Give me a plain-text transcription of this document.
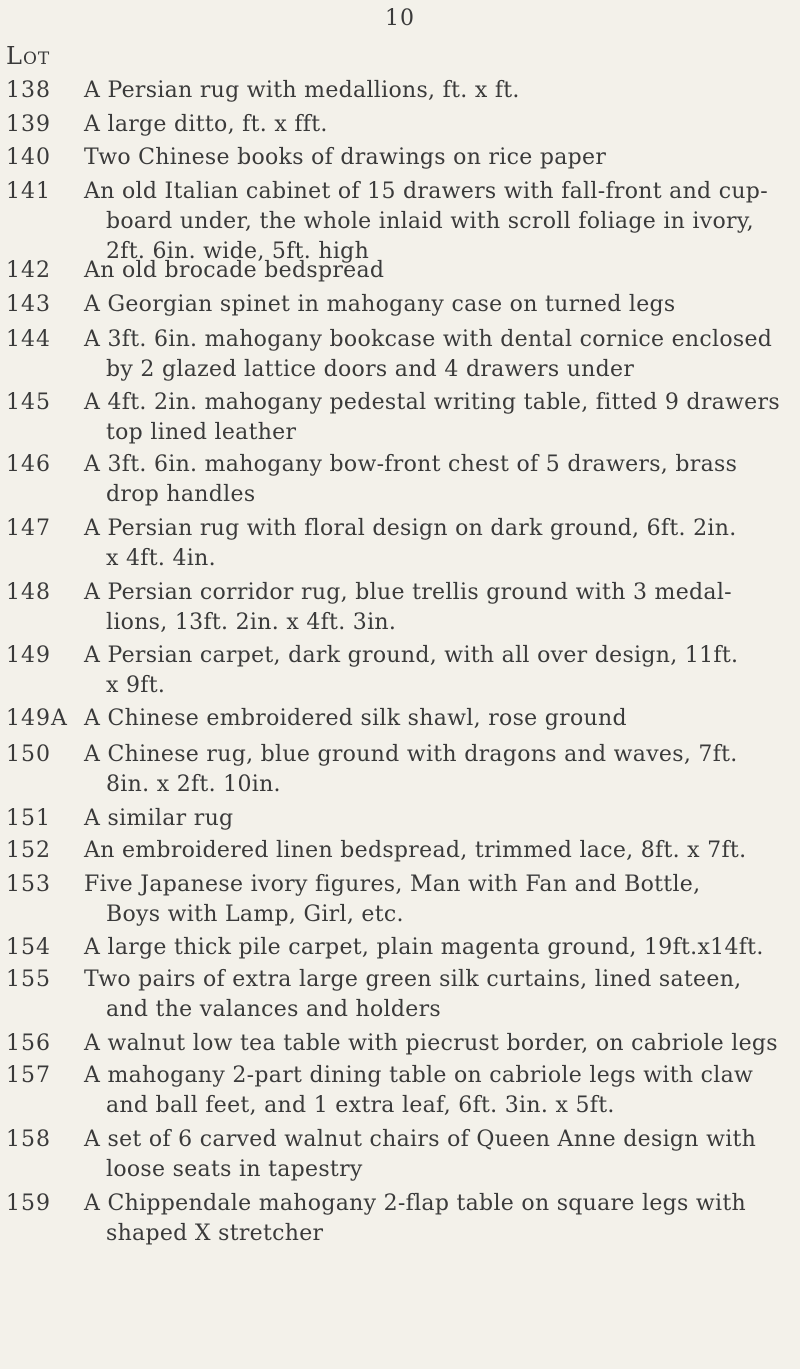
10
Lot
138	A Persian rug with medallions, ft. x ft.
139	A large ditto, ft. x fft.
140	Two Chinese books of drawings on rice paper
141	An old Italian cabinet of 15 drawers with fall-front and cup-
board under, the whole inlaid with scroll foliage in ivory,
2ft. 6in. wide, 5ft. high
142	An old brocade bedspread
143	A Georgian spinet in mahogany case on turned legs
144	A 3ft. 6in. mahogany bookcase with dental cornice enclosed
by 2 glazed lattice doors and 4 drawers under
145	A 4ft. 2in. mahogany pedestal writing table, fitted 9 drawers
top lined leather
146	A 3ft. 6in. mahogany bow-front chest of 5 drawers, brass
drop handles
147	A Persian rug with floral design on dark ground, 6ft. 2in.
x 4ft. 4in.
148	A Persian corridor rug, blue trellis ground with 3 medal-
lions, 13ft. 2in. x 4ft. 3in.
149	A Persian carpet, dark ground, with all over design, 11ft.
x 9ft.
149A A Chinese embroidered silk shawl, rose ground
150	A Chinese rug, blue ground with dragons and waves, 7ft.
8in. x 2ft. 10in.
151	A similar rug
152	An embroidered linen bedspread, trimmed lace, 8ft. x 7ft.
153	Five Japanese ivory figures, Man with Fan and Bottle,
Boys with Lamp, Girl, etc.
154	A large thick pile carpet, plain magenta ground, 19ft.x14ft.
155	Two pairs of extra large green silk curtains, lined sateen,
and the valances and holders
156	A walnut low tea table with piecrust border, on cabriole legs
157	A mahogany 2-part dining table on cabriole legs with claw
and ball feet, and 1 extra leaf, 6ft. 3in. x 5ft.
158	A set of 6 carved walnut chairs of Queen Anne design with
loose seats in tapestry
159	A Chippendale mahogany 2-flap table on square legs with
shaped X stretcher
